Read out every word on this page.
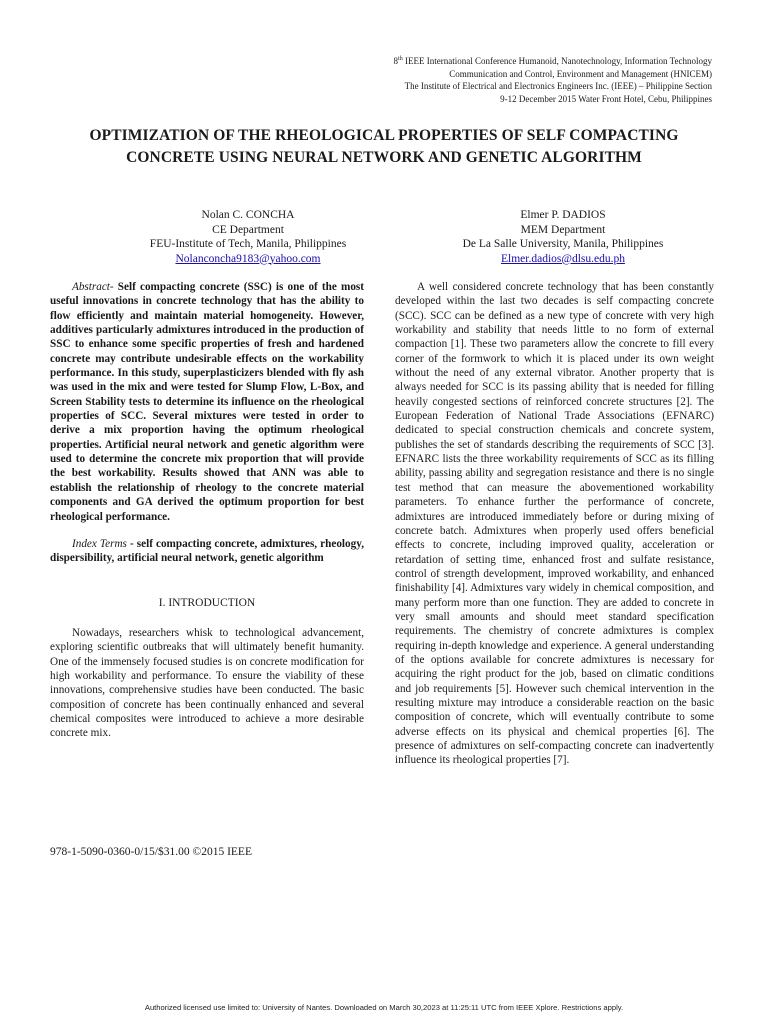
8th IEEE International Conference Humanoid, Nanotechnology, Information Technology
Communication and Control, Environment and Management (HNICEM)
The Institute of Electrical and Electronics Engineers Inc. (IEEE) – Philippine Section
9-12 December 2015 Water Front Hotel, Cebu, Philippines
OPTIMIZATION OF THE RHEOLOGICAL PROPERTIES OF SELF COMPACTING CONCRETE USING NEURAL NETWORK AND GENETIC ALGORITHM
Nolan C. CONCHA
CE Department
FEU-Institute of Tech, Manila, Philippines
Nolanconcha9183@yahoo.com
Elmer P. DADIOS
MEM Department
De La Salle University, Manila, Philippines
Elmer.dadios@dlsu.edu.ph

Abstract- Self compacting concrete (SSC) is one of the most useful innovations in concrete technology that has the ability to flow efficiently and maintain material homogeneity. However, additives particularly admixtures introduced in the production of SSC to enhance some specific properties of fresh and hardened concrete may contribute undesirable effects on the workability performance. In this study, superplasticizers blended with fly ash was used in the mix and were tested for Slump Flow, L-Box, and Screen Stability tests to determine its influence on the rheological properties of SCC. Several mixtures were tested in order to derive a mix proportion having the optimum rheological properties. Artificial neural network and genetic algorithm were used to determine the concrete mix proportion that will provide the best workability. Results showed that ANN was able to establish the relationship of rheology to the concrete material components and GA derived the optimum proportion for best rheological performance.

Index Terms - self compacting concrete, admixtures, rheology, dispersibility, artificial neural network, genetic algorithm

I. INTRODUCTION

Nowadays, researchers whisk to technological advancement, exploring scientific outbreaks that will ultimately benefit humanity. One of the immensely focused studies is on concrete modification for high workability and performance. To ensure the viability of these innovations, comprehensive studies have been conducted. The basic composition of concrete has been continually enhanced and several chemical composites were introduced to achieve a more desirable concrete mix.

978-1-5090-0360-0/15/$31.00 ©2015 IEEE

A well considered concrete technology that has been constantly developed within the last two decades is self compacting concrete (SCC). SCC can be defined as a new type of concrete with very high workability and stability that needs little to no form of external compaction [1]. These two parameters allow the concrete to fill every corner of the formwork to which it is placed under its own weight without the need of any external vibrator. Another property that is always needed for SCC is its passing ability that is needed for filling heavily congested sections of reinforced concrete structures [2]. The European Federation of National Trade Associations (EFNARC) dedicated to special construction chemicals and concrete system, publishes the set of standards describing the requirements of SCC [3]. EFNARC lists the three workability requirements of SCC as its filling ability, passing ability and segregation resistance and there is no single test method that can measure the abovementioned workability parameters. To enhance further the performance of concrete, admixtures are introduced immediately before or during mixing of concrete batch. Admixtures when properly used offers beneficial effects to concrete, including improved quality, acceleration or retardation of setting time, enhanced frost and sulfate resistance, control of strength development, improved workability, and enhanced finishability [4]. Admixtures vary widely in chemical composition, and many perform more than one function. They are added to concrete in very small amounts and should meet standard specification requirements. The chemistry of concrete admixtures is complex requiring in-depth knowledge and experience. A general understanding of the options available for concrete admixtures is necessary for acquiring the right product for the job, based on climatic conditions and job requirements [5]. However such chemical intervention in the resulting mixture may introduce a considerable reaction on the basic composition of concrete, which will eventually contribute to some adverse effects on its physical and chemical properties [6]. The presence of admixtures on self-compacting concrete can inadvertently influence its rheological properties [7].

Authorized licensed use limited to: University of Nantes. Downloaded on March 30,2023 at 11:25:11 UTC from IEEE Xplore. Restrictions apply.
